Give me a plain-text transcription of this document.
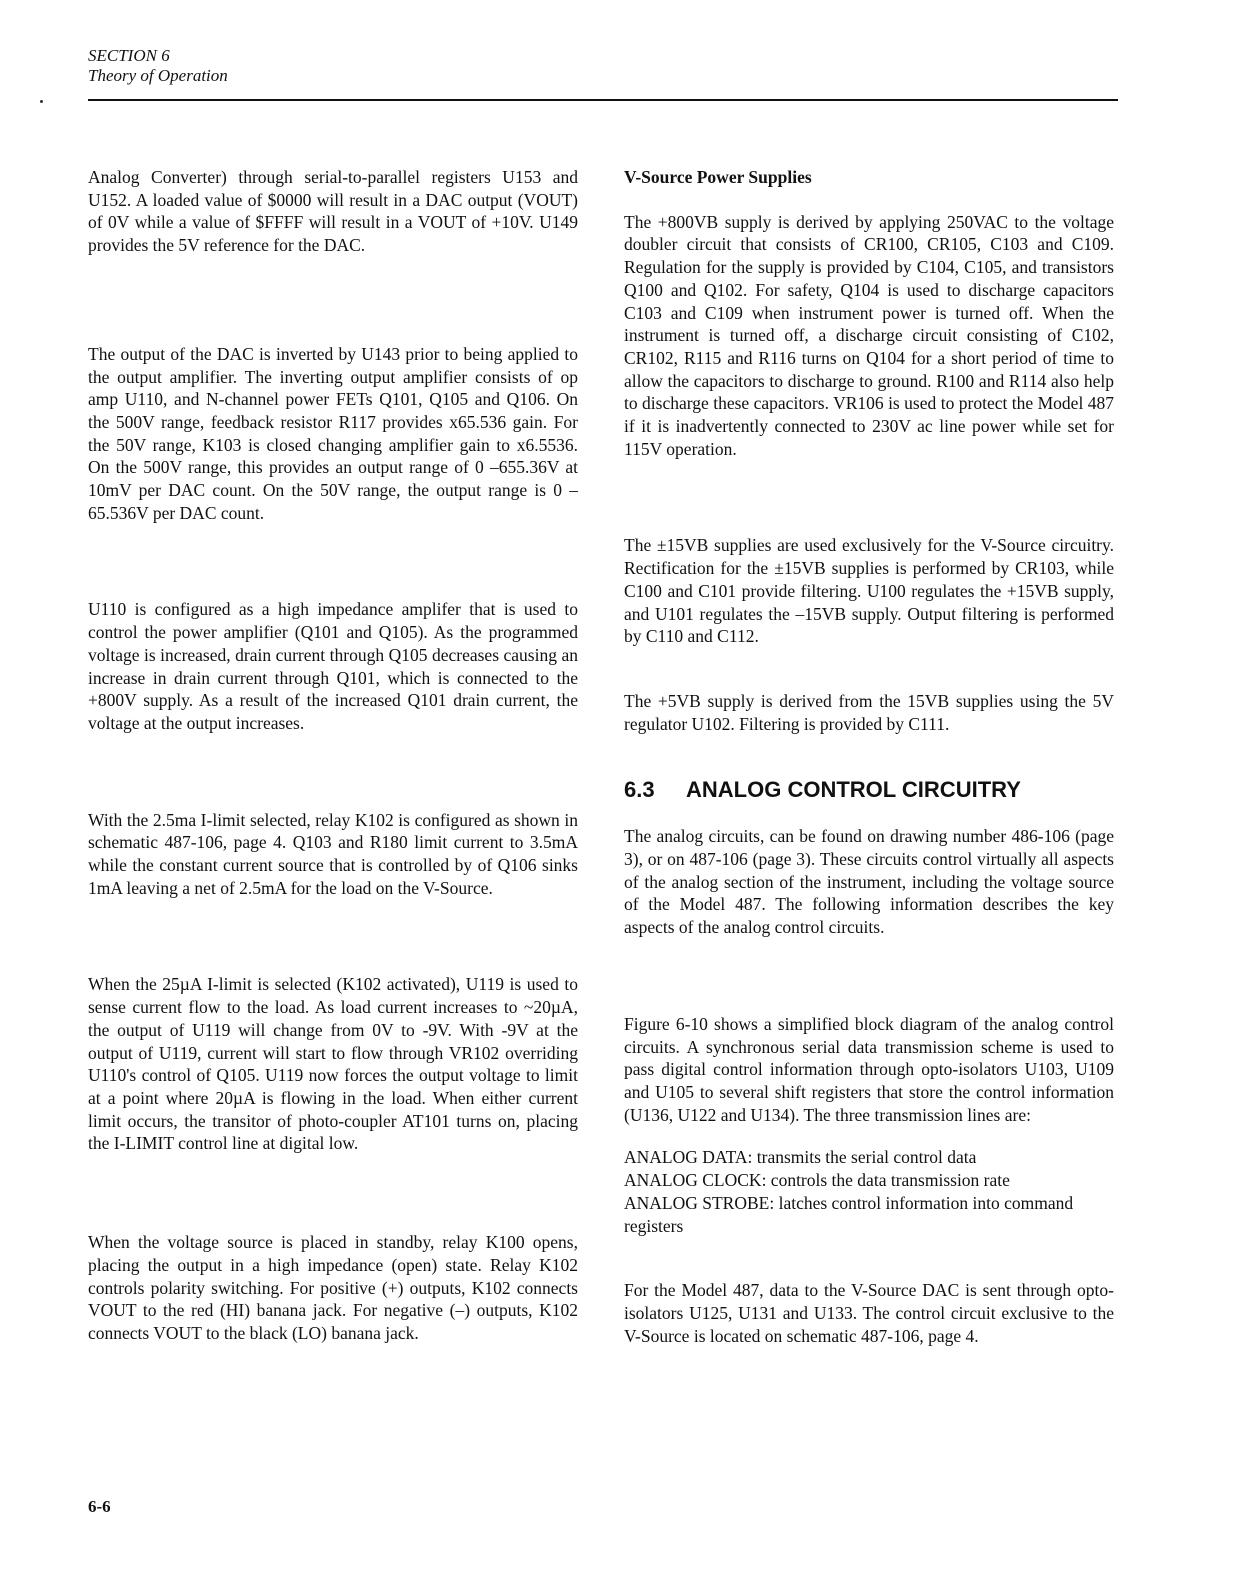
SECTION 6

Theory of Operation

Analog Converter) through serial-to-parallel registers U153 and U152. A loaded value of $0000 will result in a DAC output (VOUT) of 0V while a value of $FFFF will result in a VOUT of +10V. U149 provides the 5V reference for the DAC.

The output of the DAC is inverted by U143 prior to being applied to the output amplifier. The inverting output amplifier consists of op amp U110, and N-channel power FETs Q101, Q105 and Q106. On the 500V range, feedback resistor R117 provides x65.536 gain. For the 50V range, K103 is closed changing amplifier gain to x6.5536. On the 500V range, this provides an output range of 0 –655.36V at 10mV per DAC count. On the 50V range, the output range is 0 –65.536V per DAC count.

U110 is configured as a high impedance amplifer that is used to control the power amplifier (Q101 and Q105). As the programmed voltage is increased, drain current through Q105 decreases causing an increase in drain current through Q101, which is connected to the +800V supply. As a result of the increased Q101 drain current, the voltage at the output increases.

With the 2.5ma I-limit selected, relay K102 is configured as shown in schematic 487-106, page 4. Q103 and R180 limit current to 3.5mA while the constant current source that is controlled by of Q106 sinks 1mA leaving a net of 2.5mA for the load on the V-Source.

When the 25µA I-limit is selected (K102 activated), U119 is used to sense current flow to the load. As load current increases to ~20µA, the output of U119 will change from 0V to -9V. With -9V at the output of U119, current will start to flow through VR102 overriding U110's control of Q105. U119 now forces the output voltage to limit at a point where 20µA is flowing in the load. When either current limit occurs, the transitor of photo-coupler AT101 turns on, placing the I-LIMIT control line at digital low.

When the voltage source is placed in standby, relay K100 opens, placing the output in a high impedance (open) state. Relay K102 controls polarity switching. For positive (+) outputs, K102 connects VOUT to the red (HI) banana jack. For negative (–) outputs, K102 connects VOUT to the black (LO) banana jack.

V-Source Power Supplies

The +800VB supply is derived by applying 250VAC to the voltage doubler circuit that consists of CR100, CR105, C103 and C109. Regulation for the supply is provided by C104, C105, and transistors Q100 and Q102. For safety, Q104 is used to discharge capacitors C103 and C109 when instrument power is turned off. When the instrument is turned off, a discharge circuit consisting of C102, CR102, R115 and R116 turns on Q104 for a short period of time to allow the capacitors to discharge to ground. R100 and R114 also help to discharge these capacitors. VR106 is used to protect the Model 487 if it is inadvertently connected to 230V ac line power while set for 115V operation.

The ±15VB supplies are used exclusively for the V-Source circuitry. Rectification for the ±15VB supplies is performed by CR103, while C100 and C101 provide filtering. U100 regulates the +15VB supply, and U101 regulates the –15VB supply. Output filtering is performed by C110 and C112.

The +5VB supply is derived from the 15VB supplies using the 5V regulator U102. Filtering is provided by C111.

6.3 ANALOG CONTROL CIRCUITRY

The analog circuits, can be found on drawing number 486-106 (page 3), or on 487-106 (page 3). These circuits control virtually all aspects of the analog section of the instrument, including the voltage source of the Model 487. The following information describes the key aspects of the analog control circuits.

Figure 6-10 shows a simplified block diagram of the analog control circuits. A synchronous serial data transmission scheme is used to pass digital control information through opto-isolators U103, U109 and U105 to several shift registers that store the control information (U136, U122 and U134). The three transmission lines are:

ANALOG DATA: transmits the serial control data

ANALOG CLOCK: controls the data transmission rate

ANALOG STROBE: latches control information into command registers

For the Model 487, data to the V-Source DAC is sent through opto-isolators U125, U131 and U133. The control circuit exclusive to the V-Source is located on schematic 487-106, page 4.

6-6
